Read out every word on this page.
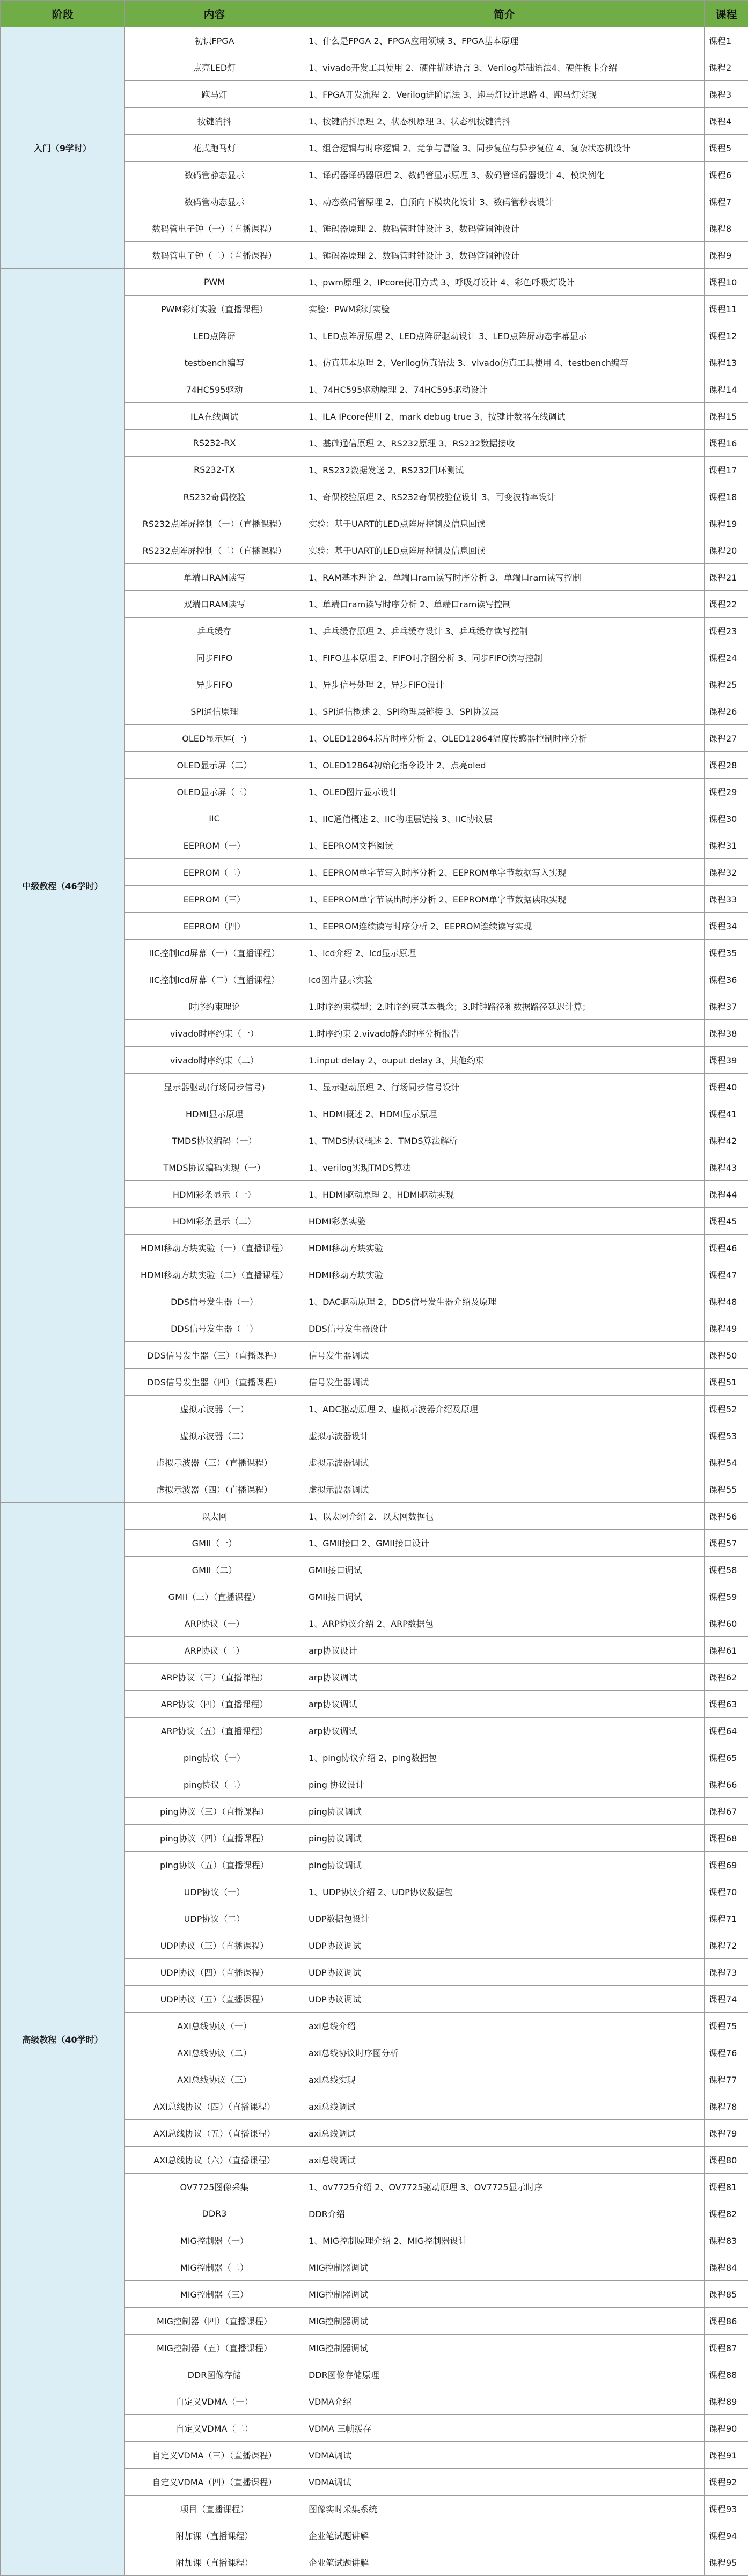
阶段	内容	简介	课程
入门（9学时）	初识FPGA	1、什么是FPGA 2、FPGA应用领域 3、FPGA基本原理	课程1
	点亮LED灯	1、vivado开发工具使用 2、硬件描述语言 3、Verilog基础语法4、硬件板卡介绍	课程2
	跑马灯	1、FPGA开发流程 2、Verilog进阶语法 3、跑马灯设计思路 4、跑马灯实现	课程3
	按键消抖	1、按键消抖原理 2、状态机原理 3、状态机按键消抖	课程4
	花式跑马灯	1、组合逻辑与时序逻辑 2、竞争与冒险 3、同步复位与异步复位 4、复杂状态机设计	课程5
	数码管静态显示	1、译码器译码器原理 2、数码管显示原理 3、数码管译码器设计 4、模块例化	课程6
	数码管动态显示	1、动态数码管原理 2、自顶向下模块化设计 3、数码管秒表设计	课程7
	数码管电子钟（一）（直播课程）	1、锤码器原理 2、数码管时钟设计 3、数码管闹钟设计	课程8
	数码管电子钟（二）（直播课程）	1、锤码器原理 2、数码管时钟设计 3、数码管闹钟设计	课程9
中级教程（46学时）	PWM	1、pwm原理 2、IPcore使用方式 3、呼吸灯设计 4、彩色呼吸灯设计	课程10
	PWM彩灯实验（直播课程）	实验：PWM彩灯实验	课程11
	LED点阵屏	1、LED点阵屏原理 2、LED点阵屏驱动设计 3、LED点阵屏动态字幕显示	课程12
	testbench编写	1、仿真基本原理 2、Verilog仿真语法 3、vivado仿真工具使用 4、testbench编写	课程13
	74HC595驱动	1、74HC595驱动原理 2、74HC595驱动设计	课程14
	ILA在线调试	1、ILA IPcore使用 2、mark debug true 3、按键计数器在线调试	课程15
	RS232-RX	1、基础通信原理 2、RS232原理 3、RS232数据接收	课程16
	RS232-TX	1、RS232数据发送 2、RS232回环测试	课程17
	RS232奇偶校验	1、奇偶校验原理 2、RS232奇偶校验位设计 3、可变波特率设计	课程18
	RS232点阵屏控制（一）（直播课程）	实验：基于UART的LED点阵屏控制及信息回读	课程19
	RS232点阵屏控制（二）（直播课程）	实验：基于UART的LED点阵屏控制及信息回读	课程20
	单端口RAM读写	1、RAM基本理论 2、单端口ram读写时序分析 3、单端口ram读写控制	课程21
	双端口RAM读写	1、单端口ram读写时序分析 2、单端口ram读写控制	课程22
	乒乓缓存	1、乒乓缓存原理 2、乒乓缓存设计 3、乒乓缓存读写控制	课程23
	同步FIFO	1、FIFO基本原理 2、FIFO时序图分析 3、同步FIFO读写控制	课程24
	异步FIFO	1、异步信号处理 2、异步FIFO设计	课程25
	SPI通信原理	1、SPI通信概述 2、SPI物理层链接 3、SPI协议层	课程26
	OLED显示屏(一)	1、OLED12864芯片时序分析 2、OLED12864温度传感器控制时序分析	课程27
	OLED显示屏（二）	1、OLED12864初始化指令设计 2、点亮oled	课程28
	OLED显示屏（三）	1、OLED图片显示设计	课程29
	IIC	1、IIC通信概述 2、IIC物理层链接 3、IIC协议层	课程30
	EEPROM（一）	1、EEPROM文档阅读	课程31
	EEPROM（二）	1、EEPROM单字节写入时序分析 2、EEPROM单字节数据写入实现	课程32
	EEPROM（三）	1、EEPROM单字节读出时序分析 2、EEPROM单字节数据读取实现	课程33
	EEPROM（四）	1、EEPROM连续读写时序分析 2、EEPROM连续读写实现	课程34
	IIC控制lcd屏幕（一）（直播课程）	1、lcd介绍 2、lcd显示原理	课程35
	IIC控制lcd屏幕（二）（直播课程）	lcd图片显示实验	课程36
	时序约束理论	1.时序约束模型；2.时序约束基本概念；3.时钟路径和数据路径延迟计算；	课程37
	vivado时序约束（一）	1.时序约束 2.vivado静态时序分析报告	课程38
	vivado时序约束（二）	1.input delay 2、ouput delay 3、其他约束	课程39
	显示器驱动(行场同步信号)	1、显示驱动原理 2、行场同步信号设计	课程40
	HDMI显示原理	1、HDMI概述 2、HDMI显示原理	课程41
	TMDS协议编码（一）	1、TMDS协议概述 2、TMDS算法解析	课程42
	TMDS协议编码实现（一）	1、verilog实现TMDS算法	课程43
	HDMI彩条显示（一）	1、HDMI驱动原理 2、HDMI驱动实现	课程44
	HDMI彩条显示（二）	HDMI彩条实验	课程45
	HDMI移动方块实验（一）（直播课程）	HDMI移动方块实验	课程46
	HDMI移动方块实验（二）（直播课程）	HDMI移动方块实验	课程47
	DDS信号发生器（一）	1、DAC驱动原理 2、DDS信号发生器介绍及原理	课程48
	DDS信号发生器（二）	DDS信号发生器设计	课程49
	DDS信号发生器（三）（直播课程）	信号发生器调试	课程50
	DDS信号发生器（四）（直播课程）	信号发生器调试	课程51
	虚拟示波器（一）	1、ADC驱动原理 2、虚拟示波器介绍及原理	课程52
	虚拟示波器（二）	虚拟示波器设计	课程53
	虚拟示波器（三）（直播课程）	虚拟示波器调试	课程54
	虚拟示波器（四）（直播课程）	虚拟示波器调试	课程55
高级教程（40学时）	以太网	1、以太网介绍 2、以太网数据包	课程56
	GMII（一）	1、GMII接口 2、GMII接口设计	课程57
	GMII（二）	GMII接口调试	课程58
	GMII（三）（直播课程）	GMII接口调试	课程59
	ARP协议（一）	1、ARP协议介绍 2、ARP数据包	课程60
	ARP协议（二）	arp协议设计	课程61
	ARP协议（三）（直播课程）	arp协议调试	课程62
	ARP协议（四）（直播课程）	arp协议调试	课程63
	ARP协议（五）（直播课程）	arp协议调试	课程64
	ping协议（一）	1、ping协议介绍 2、ping数据包	课程65
	ping协议（二）	ping 协议设计	课程66
	ping协议（三）（直播课程）	ping协议调试	课程67
	ping协议（四）（直播课程）	ping协议调试	课程68
	ping协议（五）（直播课程）	ping协议调试	课程69
	UDP协议（一）	1、UDP协议介绍 2、UDP协议数据包	课程70
	UDP协议（二）	UDP数据包设计	课程71
	UDP协议（三）（直播课程）	UDP协议调试	课程72
	UDP协议（四）（直播课程）	UDP协议调试	课程73
	UDP协议（五）（直播课程）	UDP协议调试	课程74
	AXI总线协议（一）	axi总线介绍	课程75
	AXI总线协议（二）	axi总线协议时序图分析	课程76
	AXI总线协议（三）	axi总线实现	课程77
	AXI总线协议（四）（直播课程）	axi总线调试	课程78
	AXI总线协议（五）（直播课程）	axi总线调试	课程79
	AXI总线协议（六）（直播课程）	axi总线调试	课程80
	OV7725图像采集	1、ov7725介绍 2、OV7725驱动原理 3、OV7725显示时序	课程81
	DDR3	DDR介绍	课程82
	MIG控制器（一）	1、MIG控制原理介绍 2、MIG控制器设计	课程83
	MIG控制器（二）	MIG控制器调试	课程84
	MIG控制器（三）	MIG控制器调试	课程85
	MIG控制器（四）（直播课程）	MIG控制器调试	课程86
	MIG控制器（五）（直播课程）	MIG控制器调试	课程87
	DDR图像存储	DDR图像存储原理	课程88
	自定义VDMA（一）	VDMA介绍	课程89
	自定义VDMA（二）	VDMA 三帧缓存	课程90
	自定义VDMA（三）（直播课程）	VDMA调试	课程91
	自定义VDMA（四）（直播课程）	VDMA调试	课程92
	项目（直播课程）	图像实时采集系统	课程93
	附加课（直播课程）	企业笔试题讲解	课程94
	附加课（直播课程）	企业笔试题讲解	课程95
